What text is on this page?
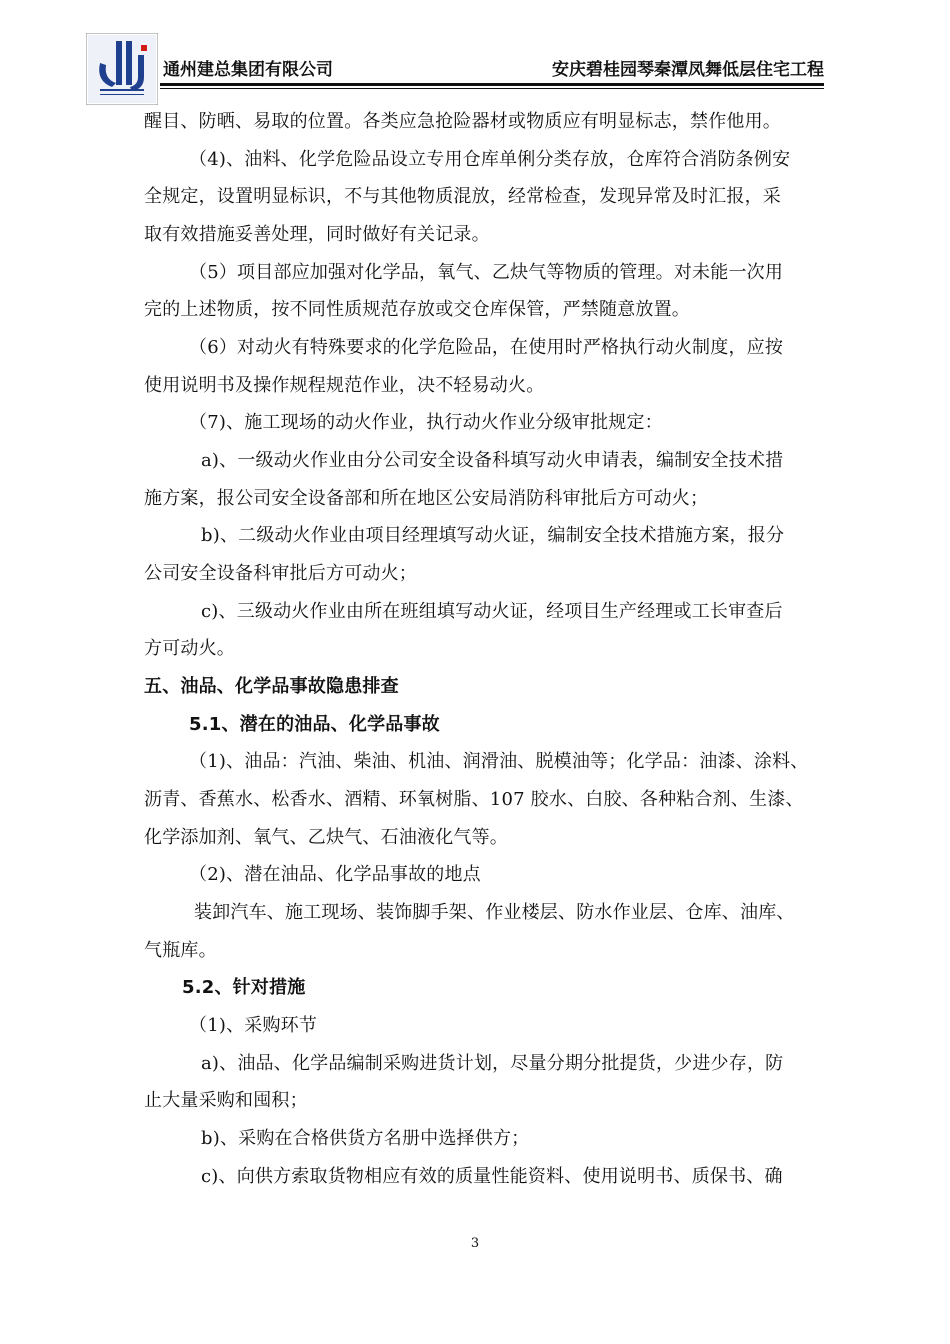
通州建总集团有限公司	安庆碧桂园琴秦潭凤舞低层住宅工程
醒目、防晒、易取的位置。各类应急抢险器材或物质应有明显标志，禁作他用。
（4)、油料、化学危险品设立专用仓库单俐分类存放，仓库符合消防条例安
全规定，设置明显标识，不与其他物质混放，经常检查，发现异常及时汇报，采
取有效措施妥善处理，同时做好有关记录。
（5）项目部应加强对化学品，氧气、乙炔气等物质的管理。对未能一次用
完的上述物质，按不同性质规范存放或交仓库保管，严禁随意放置。
（6）对动火有特殊要求的化学危险品，在使用时严格执行动火制度，应按
使用说明书及操作规程规范作业，决不轻易动火。
（7)、施工现场的动火作业，执行动火作业分级审批规定：
a)、一级动火作业由分公司安全设备科填写动火申请表，编制安全技术措
施方案，报公司安全设备部和所在地区公安局消防科审批后方可动火；
b)、二级动火作业由项目经理填写动火证，编制安全技术措施方案，报分
公司安全设备科审批后方可动火；
c)、三级动火作业由所在班组填写动火证，经项目生产经理或工长审查后
方可动火。
五、油品、化学品事故隐患排查
5.1、潜在的油品、化学品事故
（1)、油品：汽油、柴油、机油、润滑油、脱模油等；化学品：油漆、涂料、
沥青、香蕉水、松香水、酒精、环氧树脂、107 胶水、白胶、各种粘合剂、生漆、
化学添加剂、氧气、乙炔气、石油液化气等。
（2)、潜在油品、化学品事故的地点
装卸汽车、施工现场、装饰脚手架、作业楼层、防水作业层、仓库、油库、
气瓶库。
5.2、针对措施
（1)、采购环节
a)、油品、化学品编制采购进货计划，尽量分期分批提货，少进少存，防
止大量采购和囤积；
b)、采购在合格供货方名册中选择供方；
c)、向供方索取货物相应有效的质量性能资料、使用说明书、质保书、确
3
